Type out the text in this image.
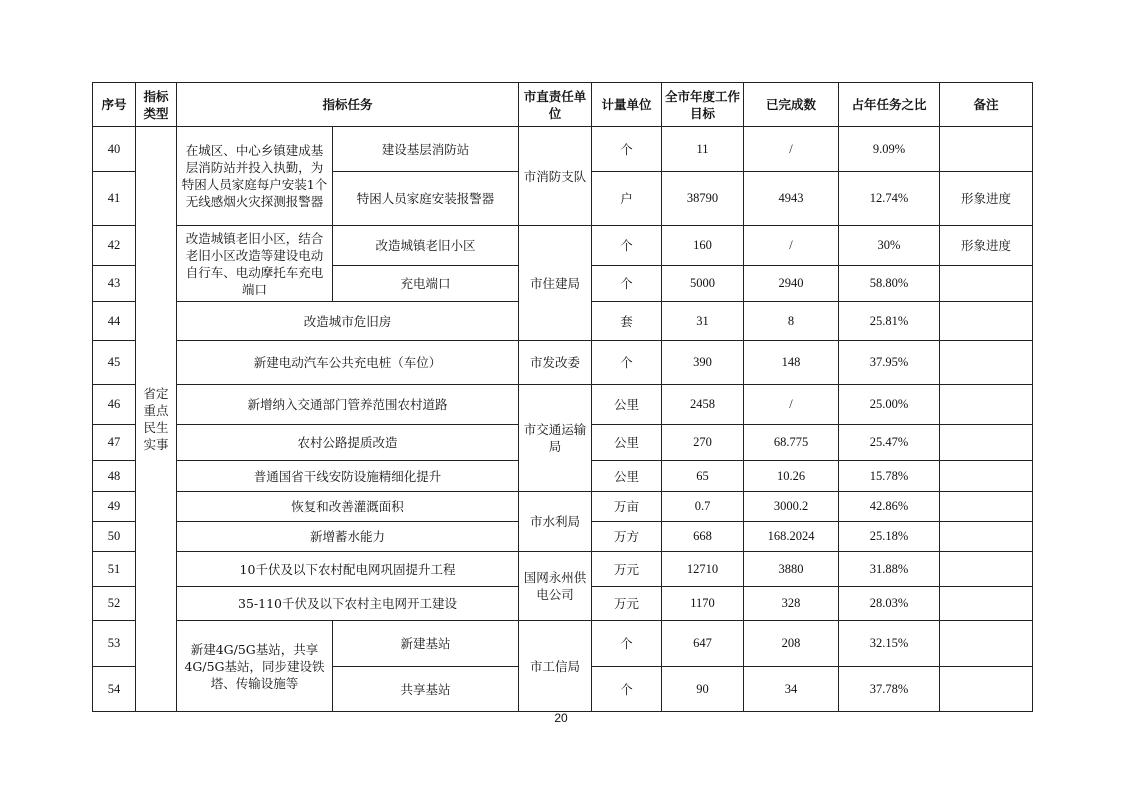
序号	指标类型	指标任务		市直责任单位	计量单位	全市年度工作目标	已完成数	占年任务之比	备注
40	省定重点民生实事	在城区、中心乡镇建成基层消防站并投入执勤，为特困人员家庭每户安装1个无线感烟火灾探测报警器	建设基层消防站	市消防支队	个	11	/	9.09%	
41			特困人员家庭安装报警器		户	38790	4943	12.74%	形象进度
42		改造城镇老旧小区，结合老旧小区改造等建设电动自行车、电动摩托车充电端口	改造城镇老旧小区	市住建局	个	160	/	30%	形象进度
43			充电端口		个	5000	2940	58.80%	
44		改造城市危旧房			套	31	8	25.81%	
45		新建电动汽车公共充电桩（车位）		市发改委	个	390	148	37.95%	
46		新增纳入交通部门管养范围农村道路		市交通运输局	公里	2458	/	25.00%	
47		农村公路提质改造			公里	270	68.775	25.47%	
48		普通国省干线安防设施精细化提升			公里	65	10.26	15.78%	
49		恢复和改善灌溉面积		市水利局	万亩	0.7	3000.2	42.86%	
50		新增蓄水能力			万方	668	168.2024	25.18%	
51		10千伏及以下农村配电网巩固提升工程		国网永州供电公司	万元	12710	3880	31.88%	
52		35-110千伏及以下农村主电网开工建设			万元	1170	328	28.03%	
53		新建4G/5G基站，共享4G/5G基站，同步建设铁塔、传输设施等	新建基站	市工信局	个	647	208	32.15%	
54			共享基站		个	90	34	37.78%	
20
